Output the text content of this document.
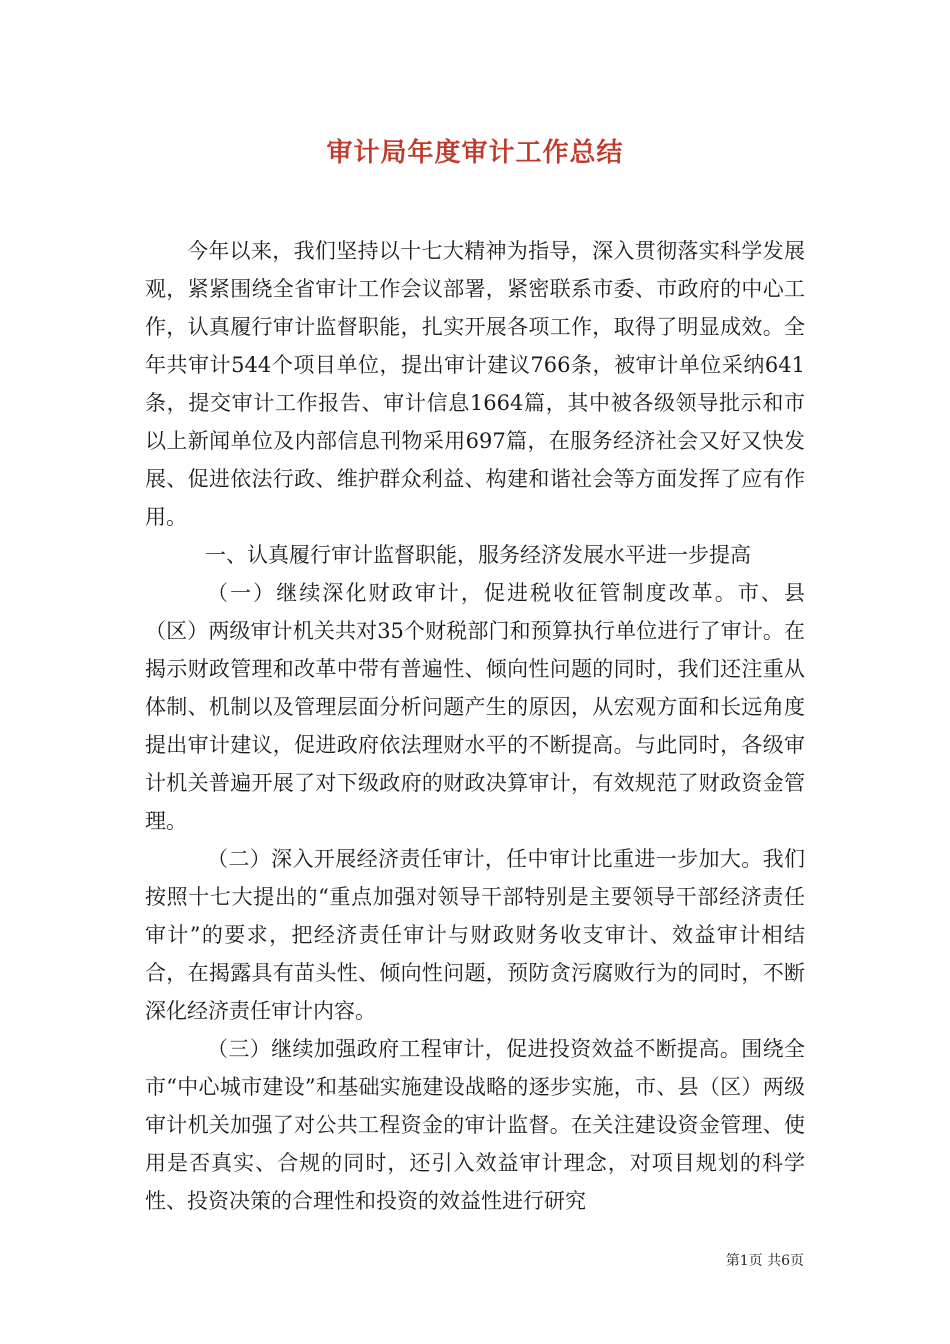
审计局年度审计工作总结

今年以来，我们坚持以十七大精神为指导，深入贯彻落实科学发展观，紧紧围绕全省审计工作会议部署，紧密联系市委、市政府的中心工作，认真履行审计监督职能，扎实开展各项工作，取得了明显成效。全年共审计544个项目单位，提出审计建议766条，被审计单位采纳641条，提交审计工作报告、审计信息1664篇，其中被各级领导批示和市以上新闻单位及内部信息刊物采用697篇，在服务经济社会又好又快发展、促进依法行政、维护群众利益、构建和谐社会等方面发挥了应有作用。

一、认真履行审计监督职能，服务经济发展水平进一步提高

（一）继续深化财政审计，促进税收征管制度改革。市、县（区）两级审计机关共对35个财税部门和预算执行单位进行了审计。在揭示财政管理和改革中带有普遍性、倾向性问题的同时，我们还注重从体制、机制以及管理层面分析问题产生的原因，从宏观方面和长远角度提出审计建议，促进政府依法理财水平的不断提高。与此同时，各级审计机关普遍开展了对下级政府的财政决算审计，有效规范了财政资金管理。

（二）深入开展经济责任审计，任中审计比重进一步加大。我们按照十七大提出的“重点加强对领导干部特别是主要领导干部经济责任审计”的要求，把经济责任审计与财政财务收支审计、效益审计相结合，在揭露具有苗头性、倾向性问题，预防贪污腐败行为的同时，不断深化经济责任审计内容。

（三）继续加强政府工程审计，促进投资效益不断提高。围绕全市“中心城市建设”和基础实施建设战略的逐步实施，市、县（区）两级审计机关加强了对公共工程资金的审计监督。在关注建设资金管理、使用是否真实、合规的同时，还引入效益审计理念，对项目规划的科学性、投资决策的合理性和投资的效益性进行研究

第1页 共6页
